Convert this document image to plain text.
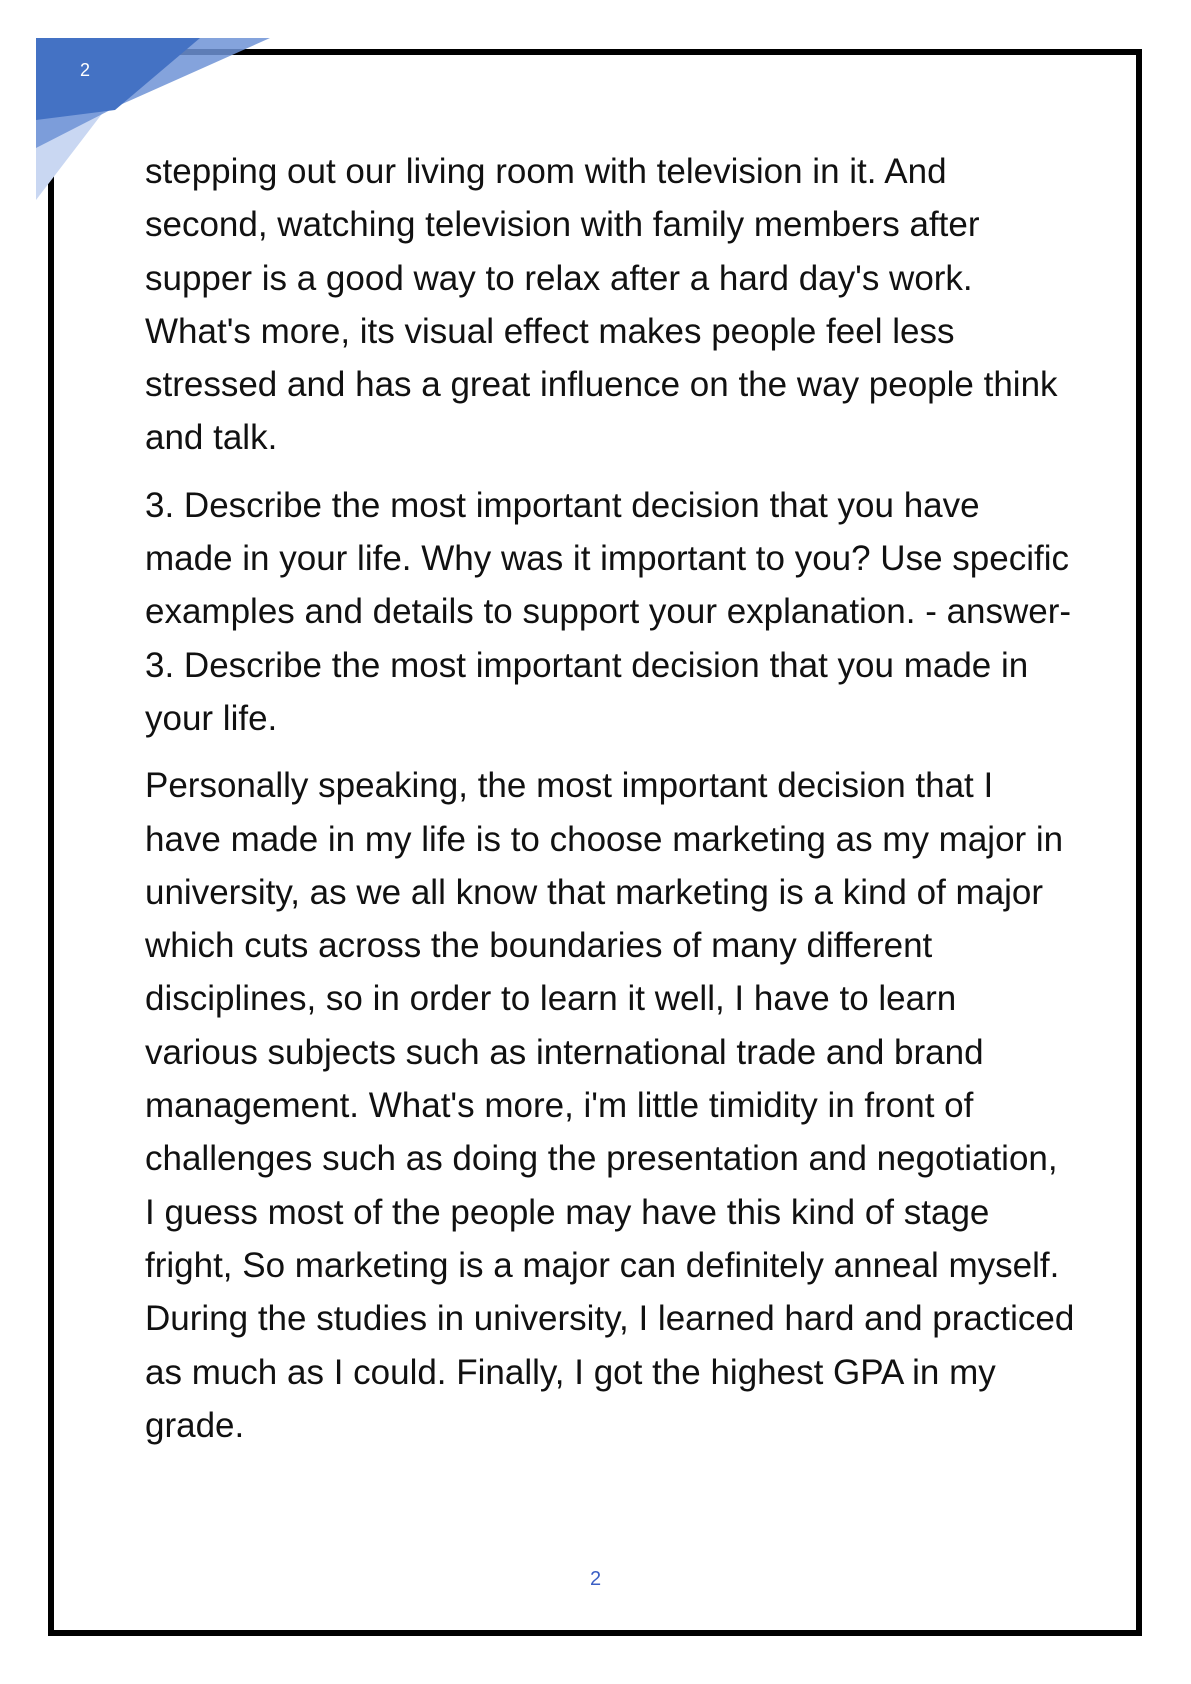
2

stepping out our living room with television in it. And second, watching television with family members after supper is a good way to relax after a hard day's work. What's more, its visual effect makes people feel less stressed and has a great influence on the way people think and talk.

3. Describe the most important decision that you have made in your life. Why was it important to you? Use specific examples and details to support your explanation. - answer-3. Describe the most important decision that you made in your life.

Personally speaking, the most important decision that I have made in my life is to choose marketing as my major in university, as we all know that marketing is a kind of major which cuts across the boundaries of many different disciplines, so in order to learn it well, I have to learn various subjects such as international trade and brand management. What's more, i'm little timidity in front of challenges such as doing the presentation and negotiation, I guess most of the people may have this kind of stage fright, So marketing is a major can definitely anneal myself. During the studies in university, I learned hard and practiced as much as I could. Finally, I got the highest GPA in my grade.

2
